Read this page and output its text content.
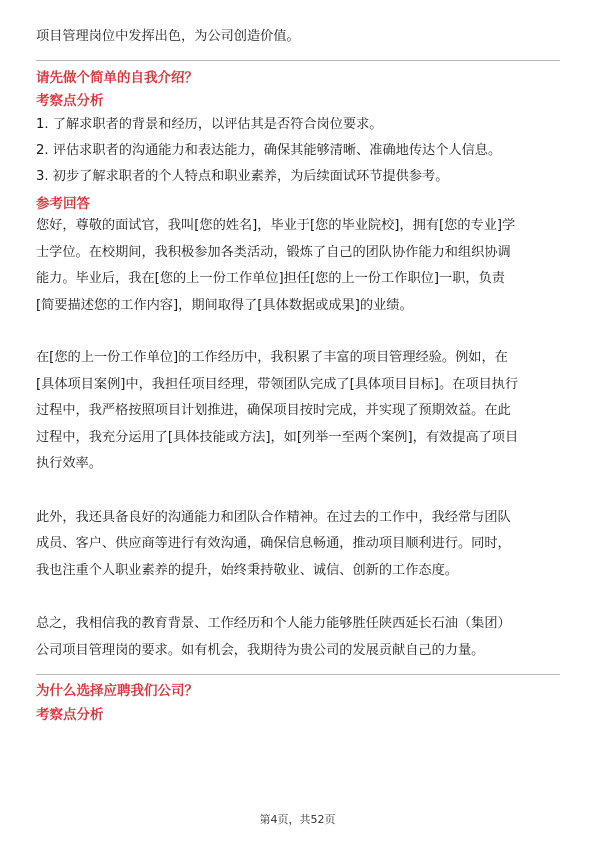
项目管理岗位中发挥出色，为公司创造价值。

请先做个简单的自我介绍？

考察点分析

1. 了解求职者的背景和经历，以评估其是否符合岗位要求。

2. 评估求职者的沟通能力和表达能力，确保其能够清晰、准确地传达个人信息。

3. 初步了解求职者的个人特点和职业素养，为后续面试环节提供参考。

参考回答

您好，尊敬的面试官，我叫[您的姓名]，毕业于[您的毕业院校]，拥有[您的专业]学

士学位。在校期间，我积极参加各类活动，锻炼了自己的团队协作能力和组织协调

能力。毕业后，我在[您的上一份工作单位]担任[您的上一份工作职位]一职，负责

[简要描述您的工作内容]，期间取得了[具体数据或成果]的业绩。

在[您的上一份工作单位]的工作经历中，我积累了丰富的项目管理经验。例如，在

[具体项目案例]中，我担任项目经理，带领团队完成了[具体项目目标]。在项目执行

过程中，我严格按照项目计划推进，确保项目按时完成，并实现了预期效益。在此

过程中，我充分运用了[具体技能或方法]，如[列举一至两个案例]，有效提高了项目

执行效率。

此外，我还具备良好的沟通能力和团队合作精神。在过去的工作中，我经常与团队

成员、客户、供应商等进行有效沟通，确保信息畅通，推动项目顺利进行。同时，

我也注重个人职业素养的提升，始终秉持敬业、诚信、创新的工作态度。

总之，我相信我的教育背景、工作经历和个人能力能够胜任陕西延长石油（集团）

公司项目管理岗的要求。如有机会，我期待为贵公司的发展贡献自己的力量。

为什么选择应聘我们公司？

考察点分析

第4页，共52页
